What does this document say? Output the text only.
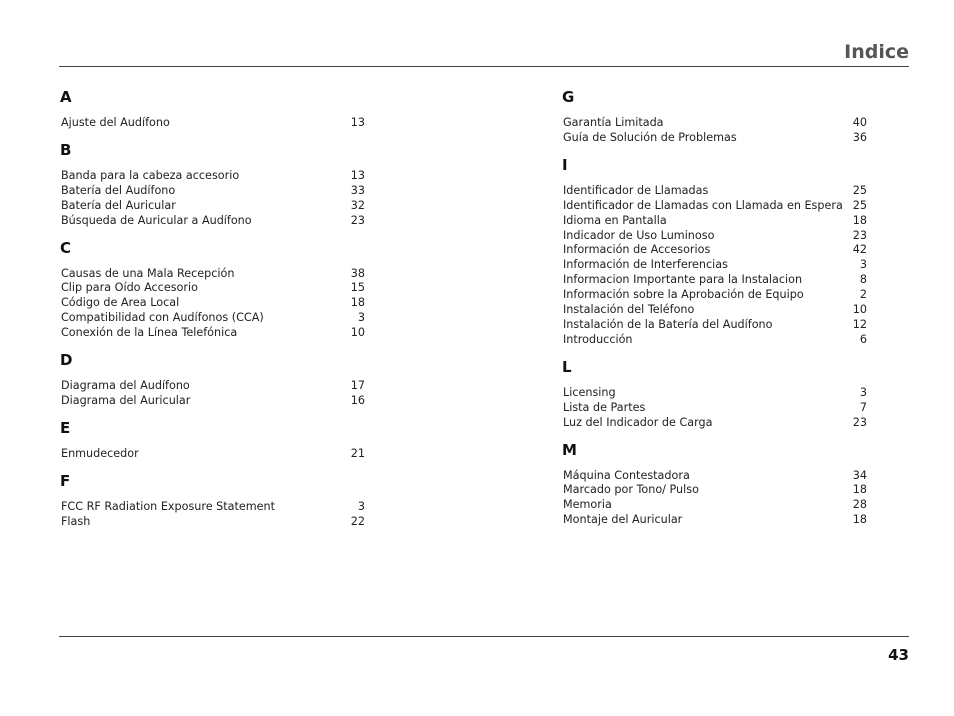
Indice
A
Ajuste del Audífono	13
B
Banda para la cabeza accesorio	13
Batería del Audífono	33
Batería del Auricular	32
Búsqueda de Auricular a Audífono	23
C
Causas de una Mala Recepción	38
Clip para Oído Accesorio	15
Código de Area Local	18
Compatibilidad con Audífonos (CCA)	3
Conexión de la Línea Telefónica	10
D
Diagrama del Audífono	17
Diagrama del Auricular	16
E
Enmudecedor	21
F
FCC RF Radiation Exposure Statement	3
Flash	22
G
Garantía Limitada	40
Guía de Solución de Problemas	36
I
Identificador de Llamadas	25
Identificador de Llamadas con Llamada en Espera 25
Idioma en Pantalla	18
Indicador de Uso Luminoso	23
Información de Accesorios	42
Información de Interferencias	3
Informacion Importante para la Instalacion	8
Información sobre la Aprobación de Equipo	2
Instalación del Teléfono	10
Instalación de la Batería del Audífono	12
Introducción	6
L
Licensing	3
Lista de Partes	7
Luz del Indicador de Carga	23
M
Máquina Contestadora	34
Marcado por Tono/ Pulso	18
Memoria	28
Montaje del Auricular	18
43
